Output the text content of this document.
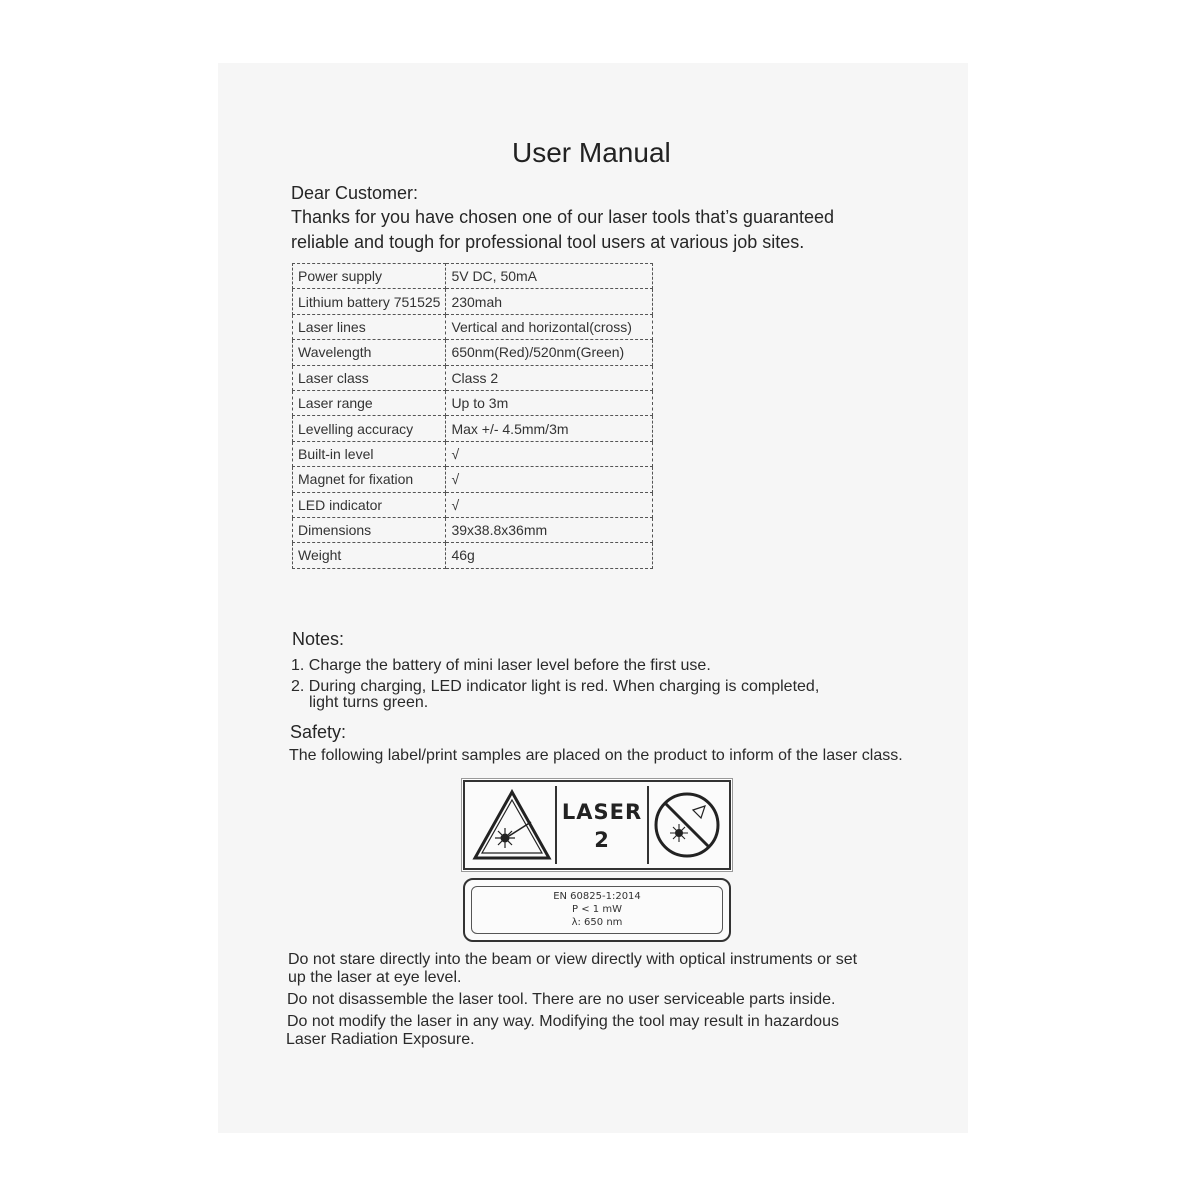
User Manual
Dear Customer:
Thanks for you have chosen one of our laser tools that’s guaranteed
reliable and tough for professional tool users at various job sites.
Power supply	5V DC, 50mA
Lithium battery 751525	230mah
Laser lines	Vertical and horizontal(cross)
Wavelength	650nm(Red)/520nm(Green)
Laser class	Class 2
Laser range	Up to 3m
Levelling accuracy	Max +/- 4.5mm/3m
Built-in level	√
Magnet for fixation	√
LED indicator	√
Dimensions	39x38.8x36mm
Weight	46g
Notes:
1. Charge the battery of mini laser level before the first use.
2. During charging, LED indicator light is red. When charging is completed,
light turns green.
Safety:
The following label/print samples are placed on the product to inform of the laser class.
LASER
2
EN 60825-1:2014
P < 1 mW
λ: 650 nm
Do not stare directly into the beam or view directly with optical instruments or set
up the laser at eye level.
Do not disassemble the laser tool. There are no user serviceable parts inside.
Do not modify the laser in any way. Modifying the tool may result in hazardous
Laser Radiation Exposure.
